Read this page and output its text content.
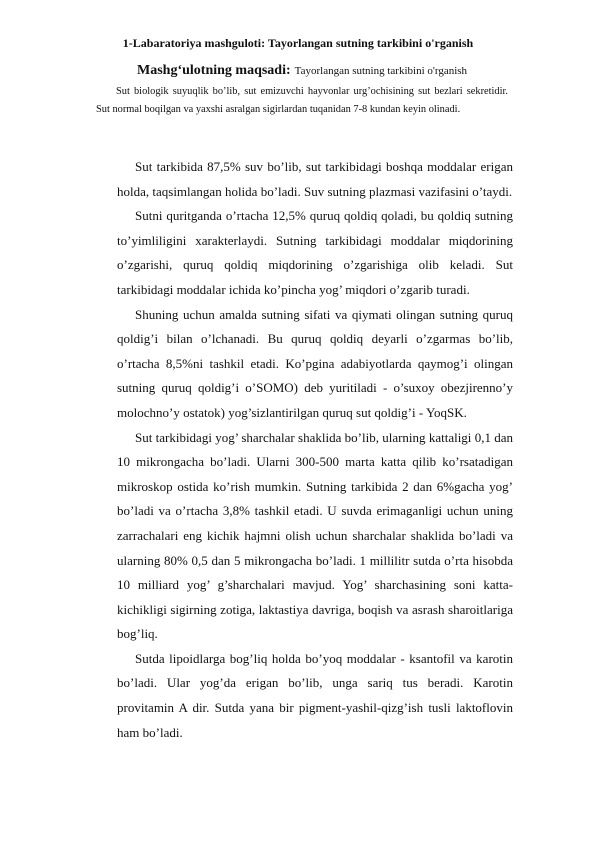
1-Labaratoriya mashguloti: Tayorlangan sutning tarkibini o'rganish
Mashg‘ulotning maqsadi: Tayorlangan sutning tarkibini o'rganish
Sut biologik suyuqlik bo’lib, sut emizuvchi hayvonlar urg’ochisining sut bezlari sekretidir. Sut normal boqilgan va yaxshi asralgan sigirlardan tuqanidan 7-8 kundan keyin olinadi.

Sut tarkibida 87,5% suv bo’lib, sut tarkibidagi boshqa moddalar erigan holda, taqsimlangan holida bo’ladi. Suv sutning plazmasi vazifasini o’taydi.

Sutni quritganda o’rtacha 12,5% quruq qoldiq qoladi, bu qoldiq sutning to’yimliligini xarakterlaydi. Sutning tarkibidagi moddalar miqdorining o’zgarishi, quruq qoldiq miqdorining o’zgarishiga olib keladi. Sut tarkibidagi moddalar ichida ko’pincha yog’ miqdori o’zgarib turadi.

Shuning uchun amalda sutning sifati va qiymati olingan sutning quruq qoldig’i bilan o’lchanadi. Bu quruq qoldiq deyarli o’zgarmas bo’lib, o’rtacha 8,5%ni tashkil etadi. Ko’pgina adabiyotlarda qaymog’i olingan sutning quruq qoldig’i o’SOMO) deb yuritiladi - o’suxoy obezjirenno’y molochno’y ostatok) yog’sizlantirilgan quruq sut qoldig’i - YoqSK.

Sut tarkibidagi yog’ sharchalar shaklida bo’lib, ularning kattaligi 0,1 dan 10 mikrongacha bo’ladi. Ularni 300-500 marta katta qilib ko’rsatadigan mikroskop ostida ko’rish mumkin. Sutning tarkibida 2 dan 6%gacha yog’ bo’ladi va o’rtacha 3,8% tashkil etadi. U suvda erimaganligi uchun uning zarrachalari eng kichik hajmni olish uchun sharchalar shaklida bo’ladi va ularning 80% 0,5 dan 5 mikrongacha bo’ladi. 1 millilitr sutda o’rta hisobda 10 milliard yog’ g’sharchalari mavjud. Yog’ sharchasining soni katta-kichikligi sigirning zotiga, laktastiya davriga, boqish va asrash sharoitlariga bog’liq.

Sutda lipoidlarga bog’liq holda bo’yoq moddalar - ksantofil va karotin bo’ladi. Ular yog’da erigan bo’lib, unga sariq tus beradi. Karotin provitamin A dir. Sutda yana bir pigment-yashil-qizg’ish tusli laktoflovin ham bo’ladi.
